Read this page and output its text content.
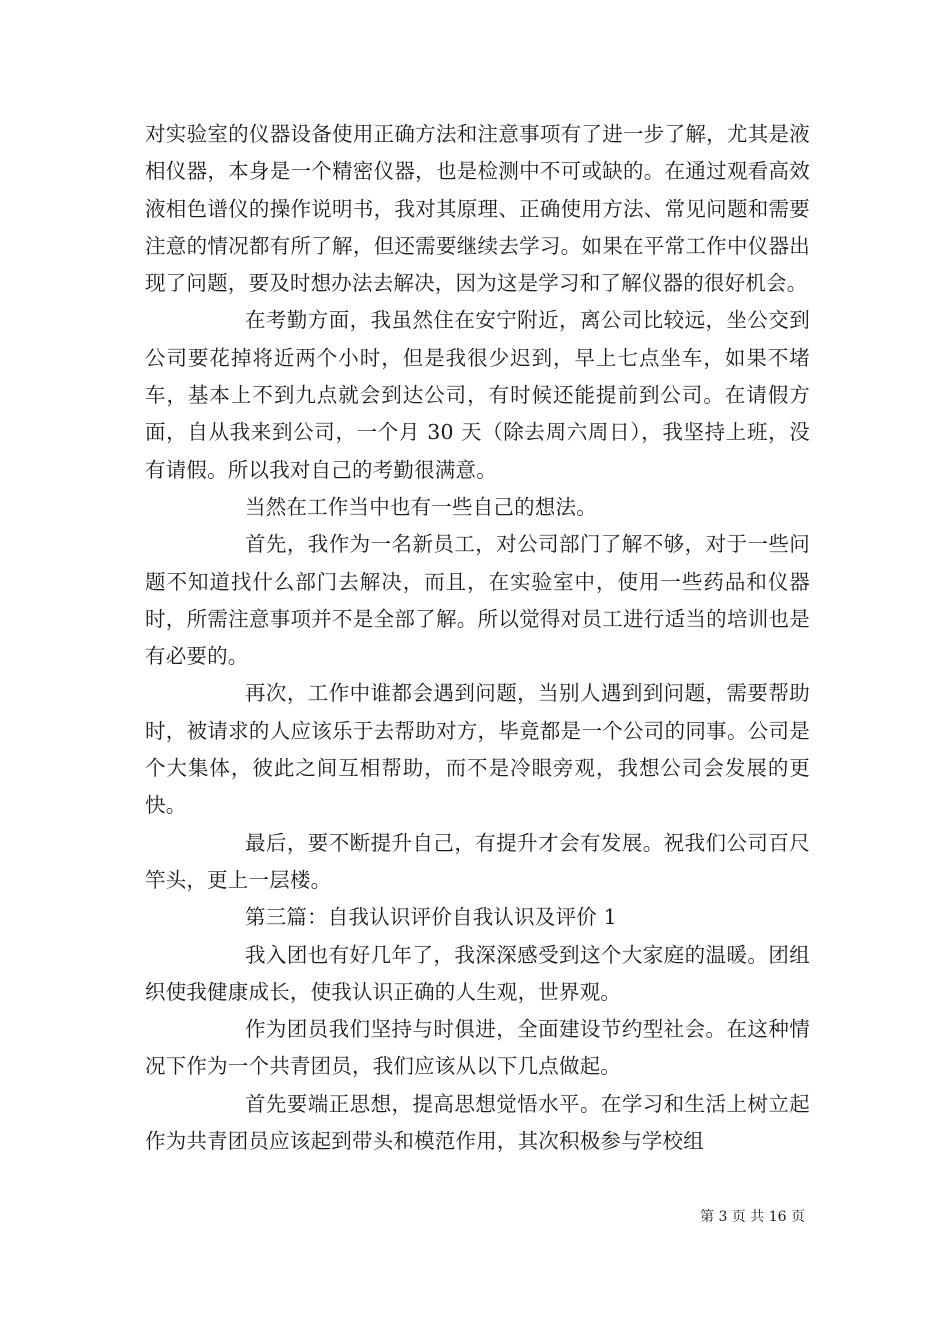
对实验室的仪器设备使用正确方法和注意事项有了进一步了解，尤其是液相仪器，本身是一个精密仪器，也是检测中不可或缺的。在通过观看高效液相色谱仪的操作说明书，我对其原理、正确使用方法、常见问题和需要注意的情况都有所了解，但还需要继续去学习。如果在平常工作中仪器出现了问题，要及时想办法去解决，因为这是学习和了解仪器的很好机会。

在考勤方面，我虽然住在安宁附近，离公司比较远，坐公交到公司要花掉将近两个小时，但是我很少迟到，早上七点坐车，如果不堵车，基本上不到九点就会到达公司，有时候还能提前到公司。在请假方面，自从我来到公司，一个月 30 天（除去周六周日），我坚持上班，没有请假。所以我对自己的考勤很满意。

当然在工作当中也有一些自己的想法。

首先，我作为一名新员工，对公司部门了解不够，对于一些问题不知道找什么部门去解决，而且，在实验室中，使用一些药品和仪器时，所需注意事项并不是全部了解。所以觉得对员工进行适当的培训也是有必要的。

再次，工作中谁都会遇到问题，当别人遇到到问题，需要帮助时，被请求的人应该乐于去帮助对方，毕竟都是一个公司的同事。公司是个大集体，彼此之间互相帮助，而不是冷眼旁观，我想公司会发展的更快。

最后，要不断提升自己，有提升才会有发展。祝我们公司百尺竿头，更上一层楼。

第三篇：自我认识评价自我认识及评价 1

我入团也有好几年了，我深深感受到这个大家庭的温暖。团组织使我健康成长，使我认识正确的人生观，世界观。

作为团员我们坚持与时俱进，全面建设节约型社会。在这种情况下作为一个共青团员，我们应该从以下几点做起。

首先要端正思想，提高思想觉悟水平。在学习和生活上树立起作为共青团员应该起到带头和模范作用，其次积极参与学校组

第 3 页 共 16 页
